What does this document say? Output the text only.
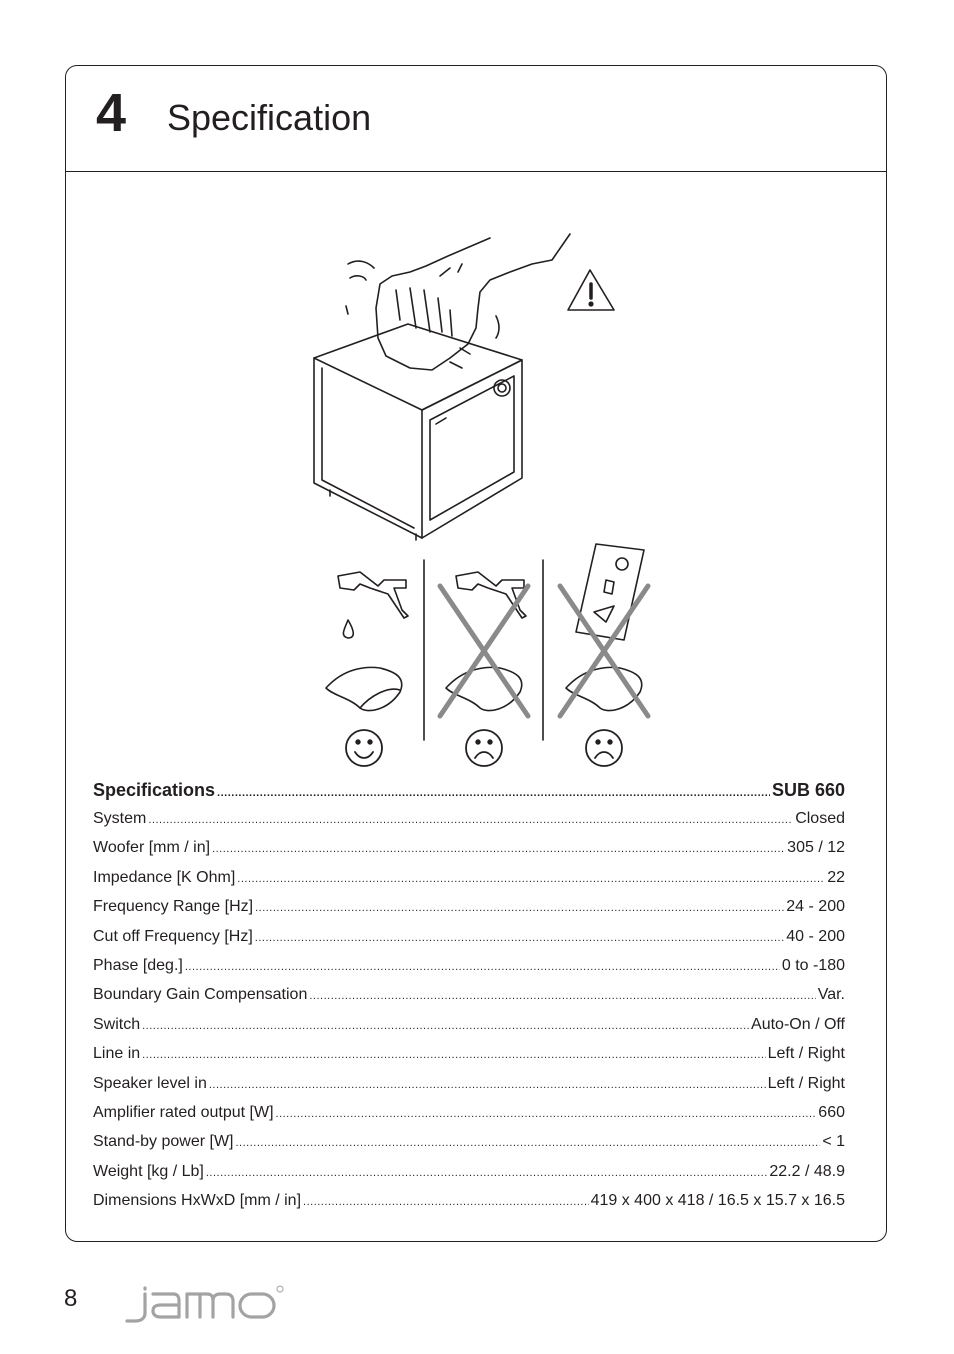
4 Specification
Specifications .....	SUB 660
System .....	Closed
Woofer [mm / in] .....	305 / 12
Impedance [K Ohm] .....	22
Frequency Range [Hz] .....	24 - 200
Cut off Frequency [Hz] .....	40 - 200
Phase [deg.] .....	0 to -180
Boundary Gain Compensation .....	Var.
Switch .....	Auto-On / Off
Line in .....	Left / Right
Speaker level in .....	Left / Right
Amplifier rated output [W] .....	660
Stand-by power [W] .....	< 1
Weight [kg / Lb] .....	22.2 / 48.9
Dimensions HxWxD [mm / in] .....	419 x 400 x 418 / 16.5 x 15.7 x 16.5
8
